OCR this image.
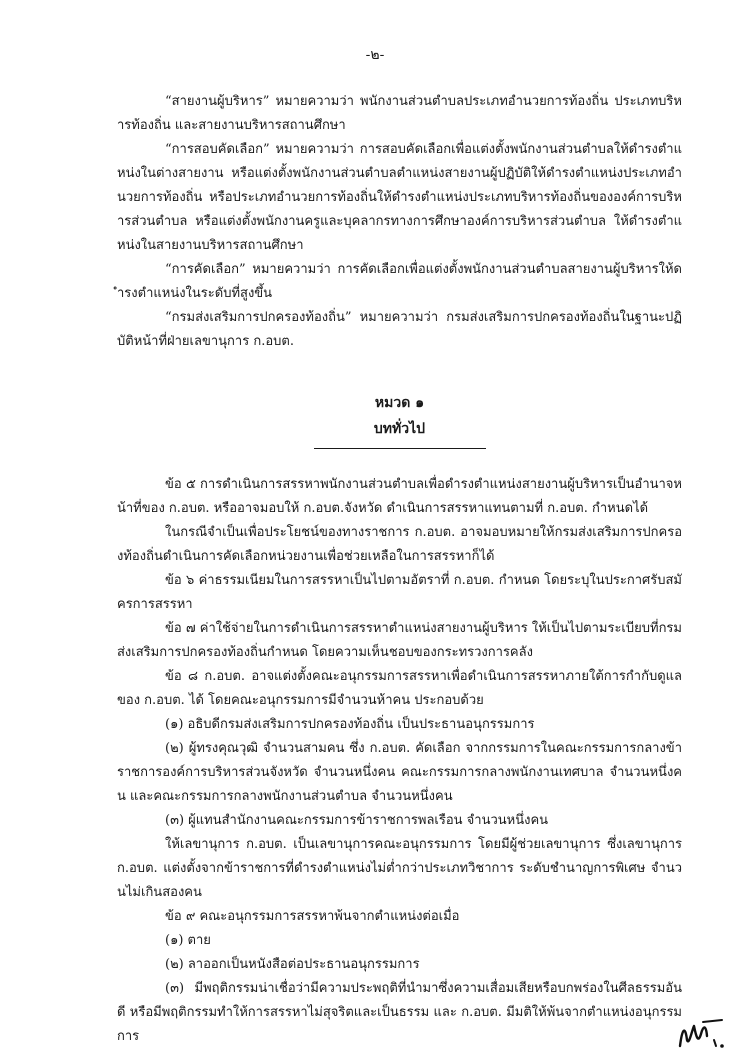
-๒-

“สายงานผู้บริหาร” หมายความว่า พนักงานส่วนตำบลประเภทอำนวยการท้องถิ่น ประเภทบริหารท้องถิ่น และสายงานบริหารสถานศึกษา

“การสอบคัดเลือก” หมายความว่า การสอบคัดเลือกเพื่อแต่งตั้งพนักงานส่วนตำบลให้ดำรงตำแหน่งในต่างสายงาน หรือแต่งตั้งพนักงานส่วนตำบลตำแหน่งสายงานผู้ปฏิบัติให้ดำรงตำแหน่งประเภทอำนวยการท้องถิ่น หรือประเภทอำนวยการท้องถิ่นให้ดำรงตำแหน่งประเภทบริหารท้องถิ่นขององค์การบริหารส่วนตำบล หรือแต่งตั้งพนักงานครูและบุคลากรทางการศึกษาองค์การบริหารส่วนตำบล ให้ดำรงตำแหน่งในสายงานบริหารสถานศึกษา

“การคัดเลือก” หมายความว่า การคัดเลือกเพื่อแต่งตั้งพนักงานส่วนตำบลสายงานผู้บริหารให้ดำรงตำแหน่งในระดับที่สูงขึ้น

“กรมส่งเสริมการปกครองท้องถิ่น” หมายความว่า กรมส่งเสริมการปกครองท้องถิ่นในฐานะปฏิบัติหน้าที่ฝ่ายเลขานุการ ก.อบต.

หมวด ๑

บททั่วไป

ข้อ ๕ การดำเนินการสรรหาพนักงานส่วนตำบลเพื่อดำรงตำแหน่งสายงานผู้บริหารเป็นอำนาจหน้าที่ของ ก.อบต. หรืออาจมอบให้ ก.อบต.จังหวัด ดำเนินการสรรหาแทนตามที่ ก.อบต. กำหนดได้

ในกรณีจำเป็นเพื่อประโยชน์ของทางราชการ ก.อบต. อาจมอบหมายให้กรมส่งเสริมการปกครองท้องถิ่นดำเนินการคัดเลือกหน่วยงานเพื่อช่วยเหลือในการสรรหาก็ได้

ข้อ ๖ ค่าธรรมเนียมในการสรรหาเป็นไปตามอัตราที่ ก.อบต. กำหนด โดยระบุในประกาศรับสมัครการสรรหา

ข้อ ๗ ค่าใช้จ่ายในการดำเนินการสรรหาตำแหน่งสายงานผู้บริหาร ให้เป็นไปตามระเบียบที่กรมส่งเสริมการปกครองท้องถิ่นกำหนด โดยความเห็นชอบของกระทรวงการคลัง

ข้อ ๘ ก.อบต. อาจแต่งตั้งคณะอนุกรรมการสรรหาเพื่อดำเนินการสรรหาภายใต้การกำกับดูแลของ ก.อบต. ได้ โดยคณะอนุกรรมการมีจำนวนห้าคน ประกอบด้วย

(๑) อธิบดีกรมส่งเสริมการปกครองท้องถิ่น เป็นประธานอนุกรรมการ

(๒) ผู้ทรงคุณวุฒิ จำนวนสามคน ซึ่ง ก.อบต. คัดเลือก จากกรรมการในคณะกรรมการกลางข้าราชการองค์การบริหารส่วนจังหวัด จำนวนหนึ่งคน คณะกรรมการกลางพนักงานเทศบาล จำนวนหนึ่งคน และคณะกรรมการกลางพนักงานส่วนตำบล จำนวนหนึ่งคน

(๓) ผู้แทนสำนักงานคณะกรรมการข้าราชการพลเรือน จำนวนหนึ่งคน

ให้เลขานุการ ก.อบต. เป็นเลขานุการคณะอนุกรรมการ โดยมีผู้ช่วยเลขานุการ ซึ่งเลขานุการ ก.อบต. แต่งตั้งจากข้าราชการที่ดำรงตำแหน่งไม่ต่ำกว่าประเภทวิชาการ ระดับชำนาญการพิเศษ จำนวนไม่เกินสองคน

ข้อ ๙ คณะอนุกรรมการสรรหาพ้นจากตำแหน่งต่อเมื่อ

(๑) ตาย

(๒) ลาออกเป็นหนังสือต่อประธานอนุกรรมการ

(๓) มีพฤติกรรมน่าเชื่อว่ามีความประพฤติที่นำมาซึ่งความเสื่อมเสียหรือบกพร่องในศีลธรรมอันดี หรือมีพฤติกรรมทำให้การสรรหาไม่สุจริตและเป็นธรรม และ ก.อบต. มีมติให้พ้นจากตำแหน่งอนุกรรมการ
